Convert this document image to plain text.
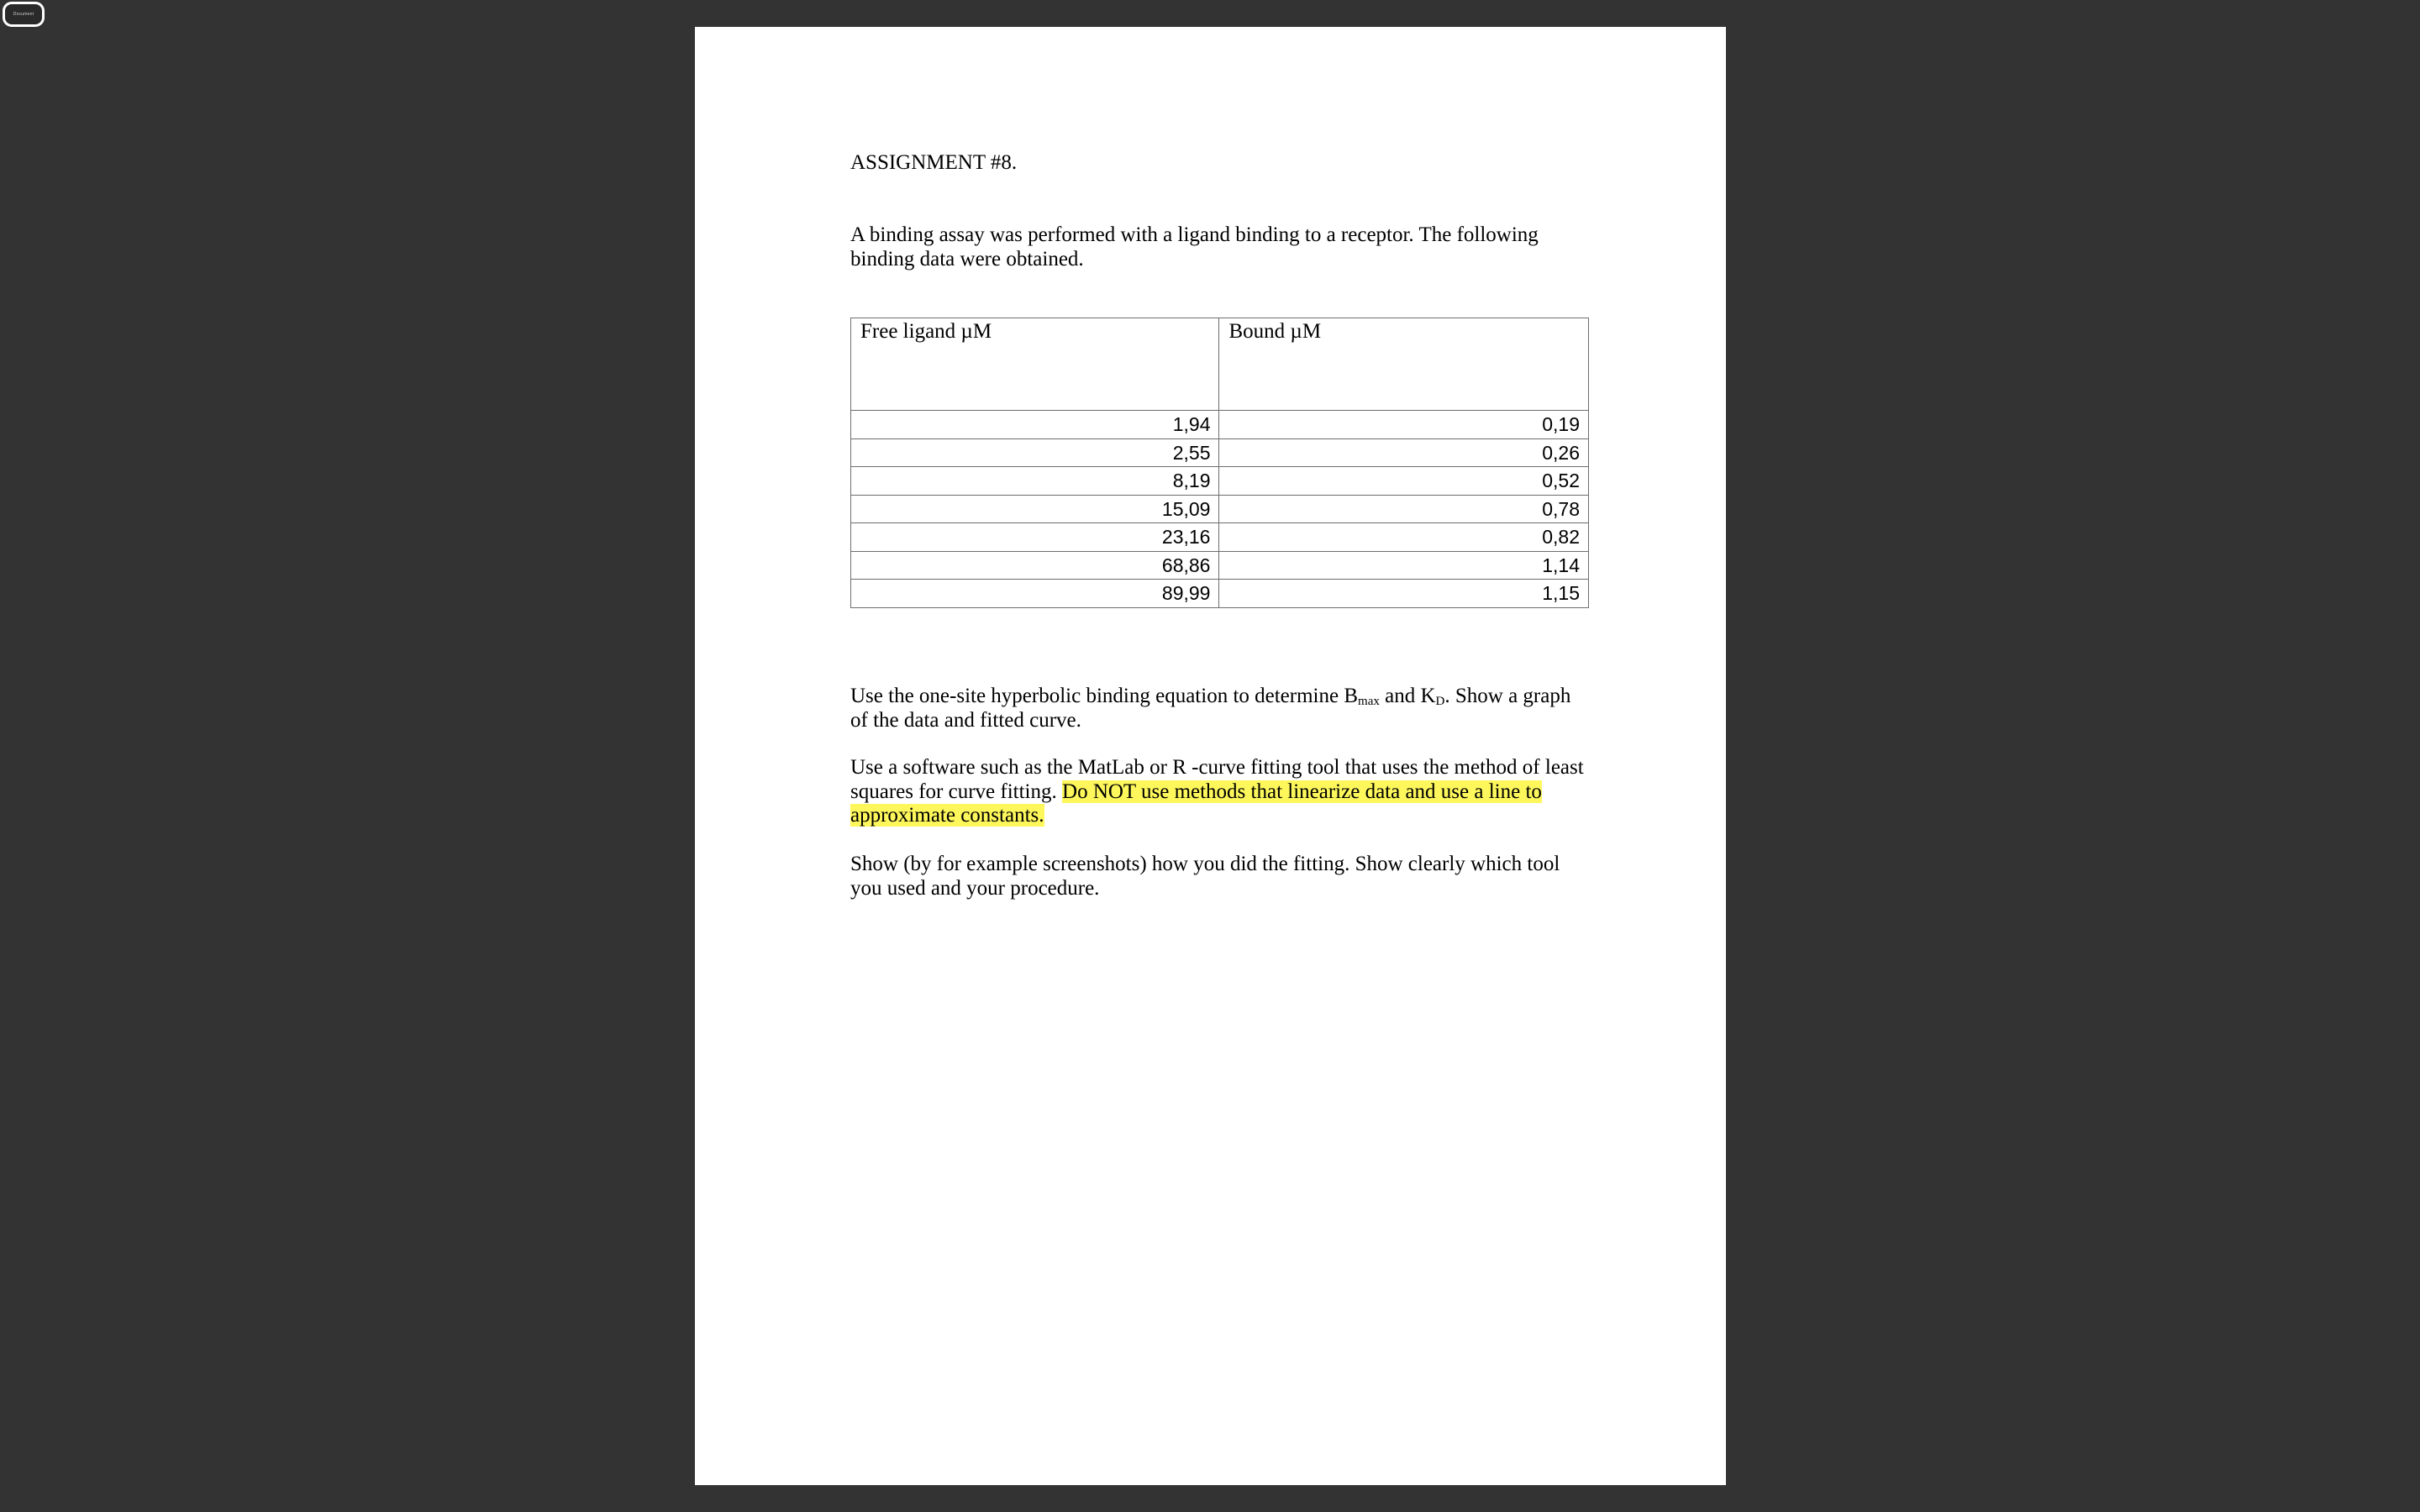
Document
ASSIGNMENT #8.
A binding assay was performed with a ligand binding to a receptor. The following binding data were obtained.
Free ligand µM	Bound µM
1,94	0,19
2,55	0,26
8,19	0,52
15,09	0,78
23,16	0,82
68,86	1,14
89,99	1,15
Use the one-site hyperbolic binding equation to determine $B_{max}$ and $K_D$. Show a graph of the data and fitted curve.
Use a software such as the MatLab or R -curve fitting tool that uses the method of least squares for curve fitting. Do NOT use methods that linearize data and use a line to approximate constants.
Show (by for example screenshots) how you did the fitting. Show clearly which tool you used and your procedure.
